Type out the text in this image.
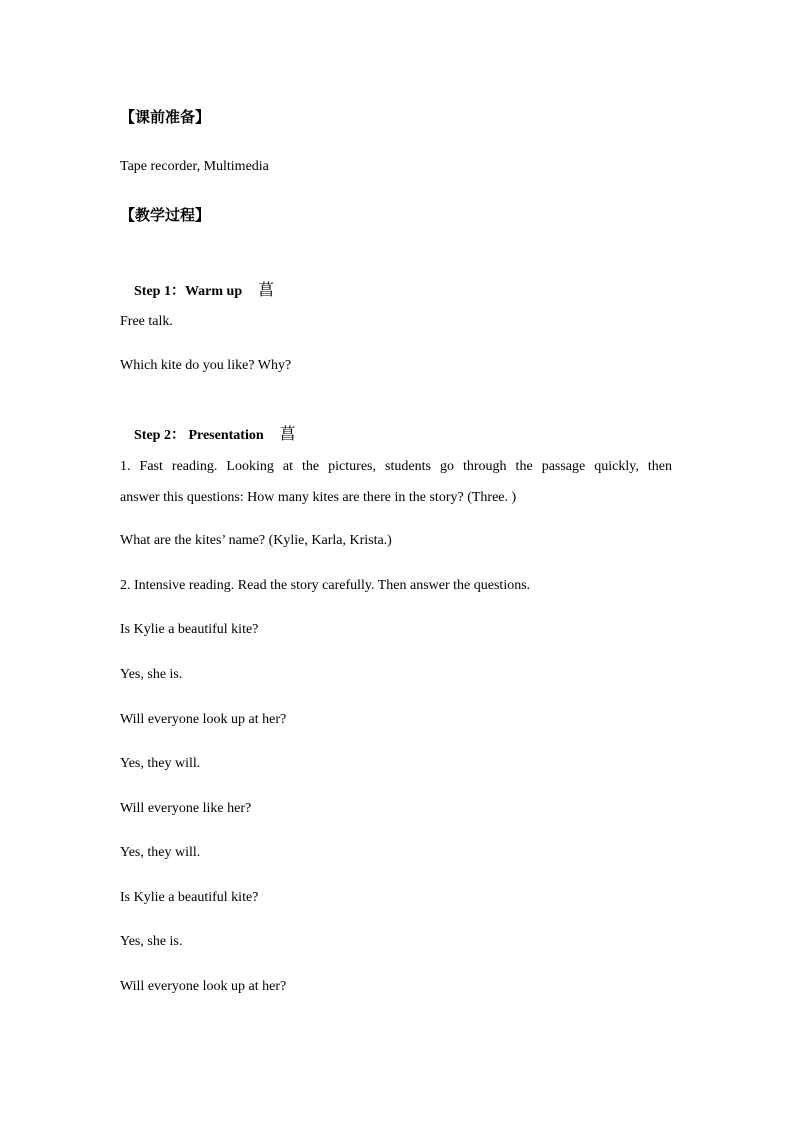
【课前准备】
Tape recorder, Multimedia
【教学过程】

Step 1：Warm up 菖

Free talk.
Which kite do you like? Why?

Step 2： Presentation 菖

1. Fast reading. Looking at the pictures, students go through the passage quickly, then
answer this questions: How many kites are there in the story? (Three. )
What are the kites’ name? (Kylie, Karla, Krista.)
2. Intensive reading. Read the story carefully. Then answer the questions.
Is Kylie a beautiful kite?
Yes, she is.
Will everyone look up at her?
Yes, they will.
Will everyone like her?
Yes, they will.
Is Kylie a beautiful kite?
Yes, she is.
Will everyone look up at her?
